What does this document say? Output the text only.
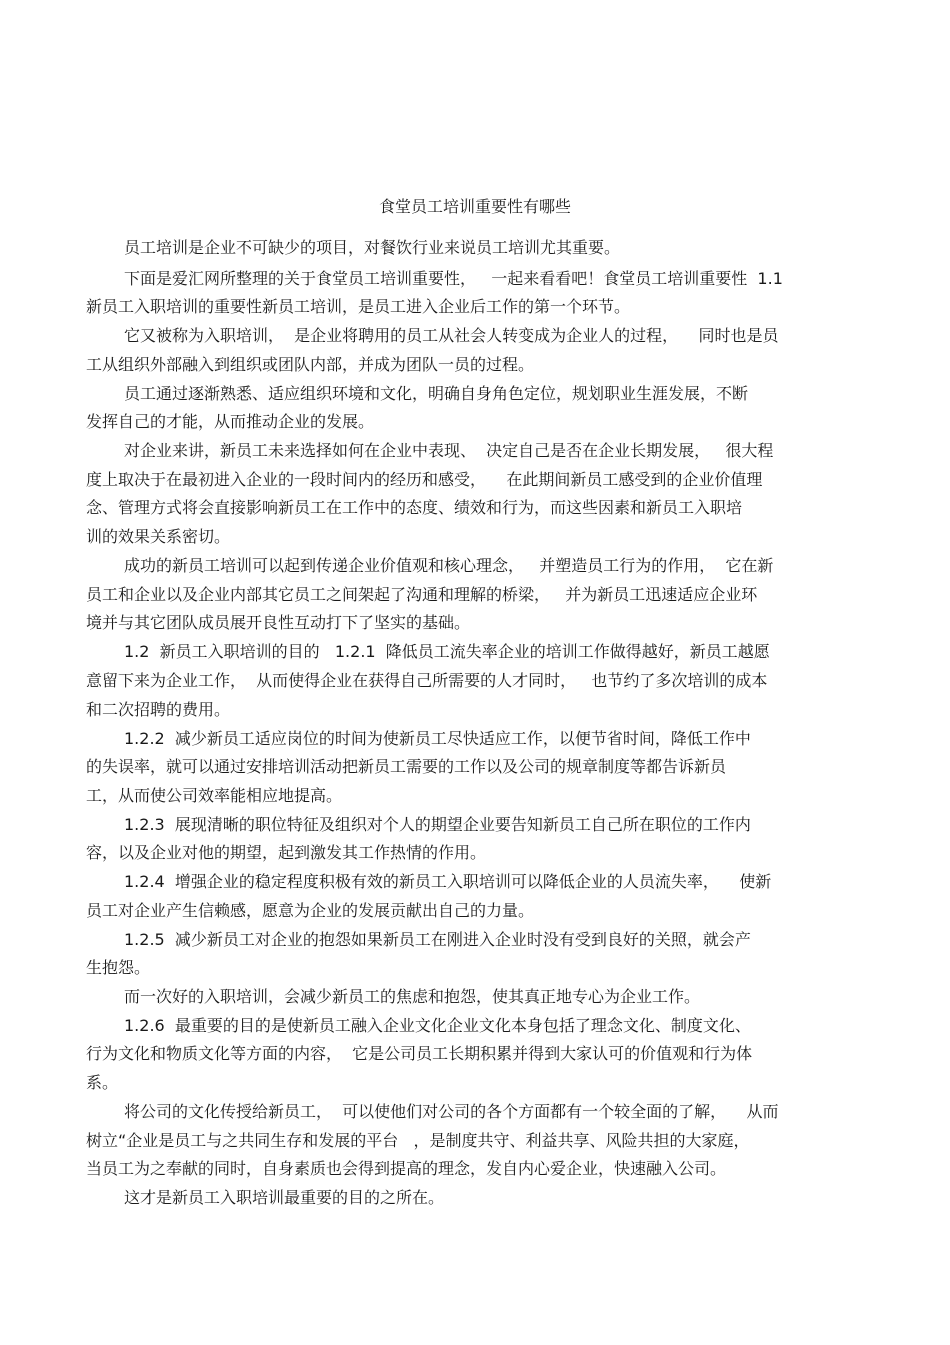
食堂员工培训重要性有哪些
员工培训是企业不可缺少的项目，对餐饮行业来说员工培训尤其重要。
下面是爱汇网所整理的关于食堂员工培训重要性，   一起来看看吧！食堂员工培训重要性  1.1
新员工入职培训的重要性新员工培训，是员工进入企业后工作的第一个环节。
它又被称为入职培训，  是企业将聘用的员工从社会人转变成为企业人的过程，    同时也是员
工从组织外部融入到组织或团队内部，并成为团队一员的过程。
员工通过逐渐熟悉、适应组织环境和文化，明确自身角色定位，规划职业生涯发展，不断
发挥自己的才能，从而推动企业的发展。
对企业来讲，新员工未来选择如何在企业中表现、  决定自己是否在企业长期发展，   很大程
度上取决于在最初进入企业的一段时间内的经历和感受，    在此期间新员工感受到的企业价值理
念、管理方式将会直接影响新员工在工作中的态度、绩效和行为，而这些因素和新员工入职培
训的效果关系密切。
成功的新员工培训可以起到传递企业价值观和核心理念，   并塑造员工行为的作用，  它在新
员工和企业以及企业内部其它员工之间架起了沟通和理解的桥梁，   并为新员工迅速适应企业环
境并与其它团队成员展开良性互动打下了坚实的基础。
1.2  新员工入职培训的目的   1.2.1  降低员工流失率企业的培训工作做得越好，新员工越愿
意留下来为企业工作，  从而使得企业在获得自己所需要的人才同时，   也节约了多次培训的成本
和二次招聘的费用。
1.2.2  减少新员工适应岗位的时间为使新员工尽快适应工作，以便节省时间，降低工作中
的失误率，就可以通过安排培训活动把新员工需要的工作以及公司的规章制度等都告诉新员
工，从而使公司效率能相应地提高。
1.2.3  展现清晰的职位特征及组织对个人的期望企业要告知新员工自己所在职位的工作内
容，以及企业对他的期望，起到激发其工作热情的作用。
1.2.4  增强企业的稳定程度积极有效的新员工入职培训可以降低企业的人员流失率，    使新
员工对企业产生信赖感，愿意为企业的发展贡献出自己的力量。
1.2.5  减少新员工对企业的抱怨如果新员工在刚进入企业时没有受到良好的关照，就会产
生抱怨。
而一次好的入职培训，会减少新员工的焦虑和抱怨，使其真正地专心为企业工作。
1.2.6  最重要的目的是使新员工融入企业文化企业文化本身包括了理念文化、制度文化、
行为文化和物质文化等方面的内容，  它是公司员工长期积累并得到大家认可的价值观和行为体
系。
将公司的文化传授给新员工，  可以使他们对公司的各个方面都有一个较全面的了解，    从而
树立“企业是员工与之共同生存和发展的平台   ，是制度共守、利益共享、风险共担的大家庭，
当员工为之奉献的同时，自身素质也会得到提高的理念，发自内心爱企业，快速融入公司。
这才是新员工入职培训最重要的目的之所在。
